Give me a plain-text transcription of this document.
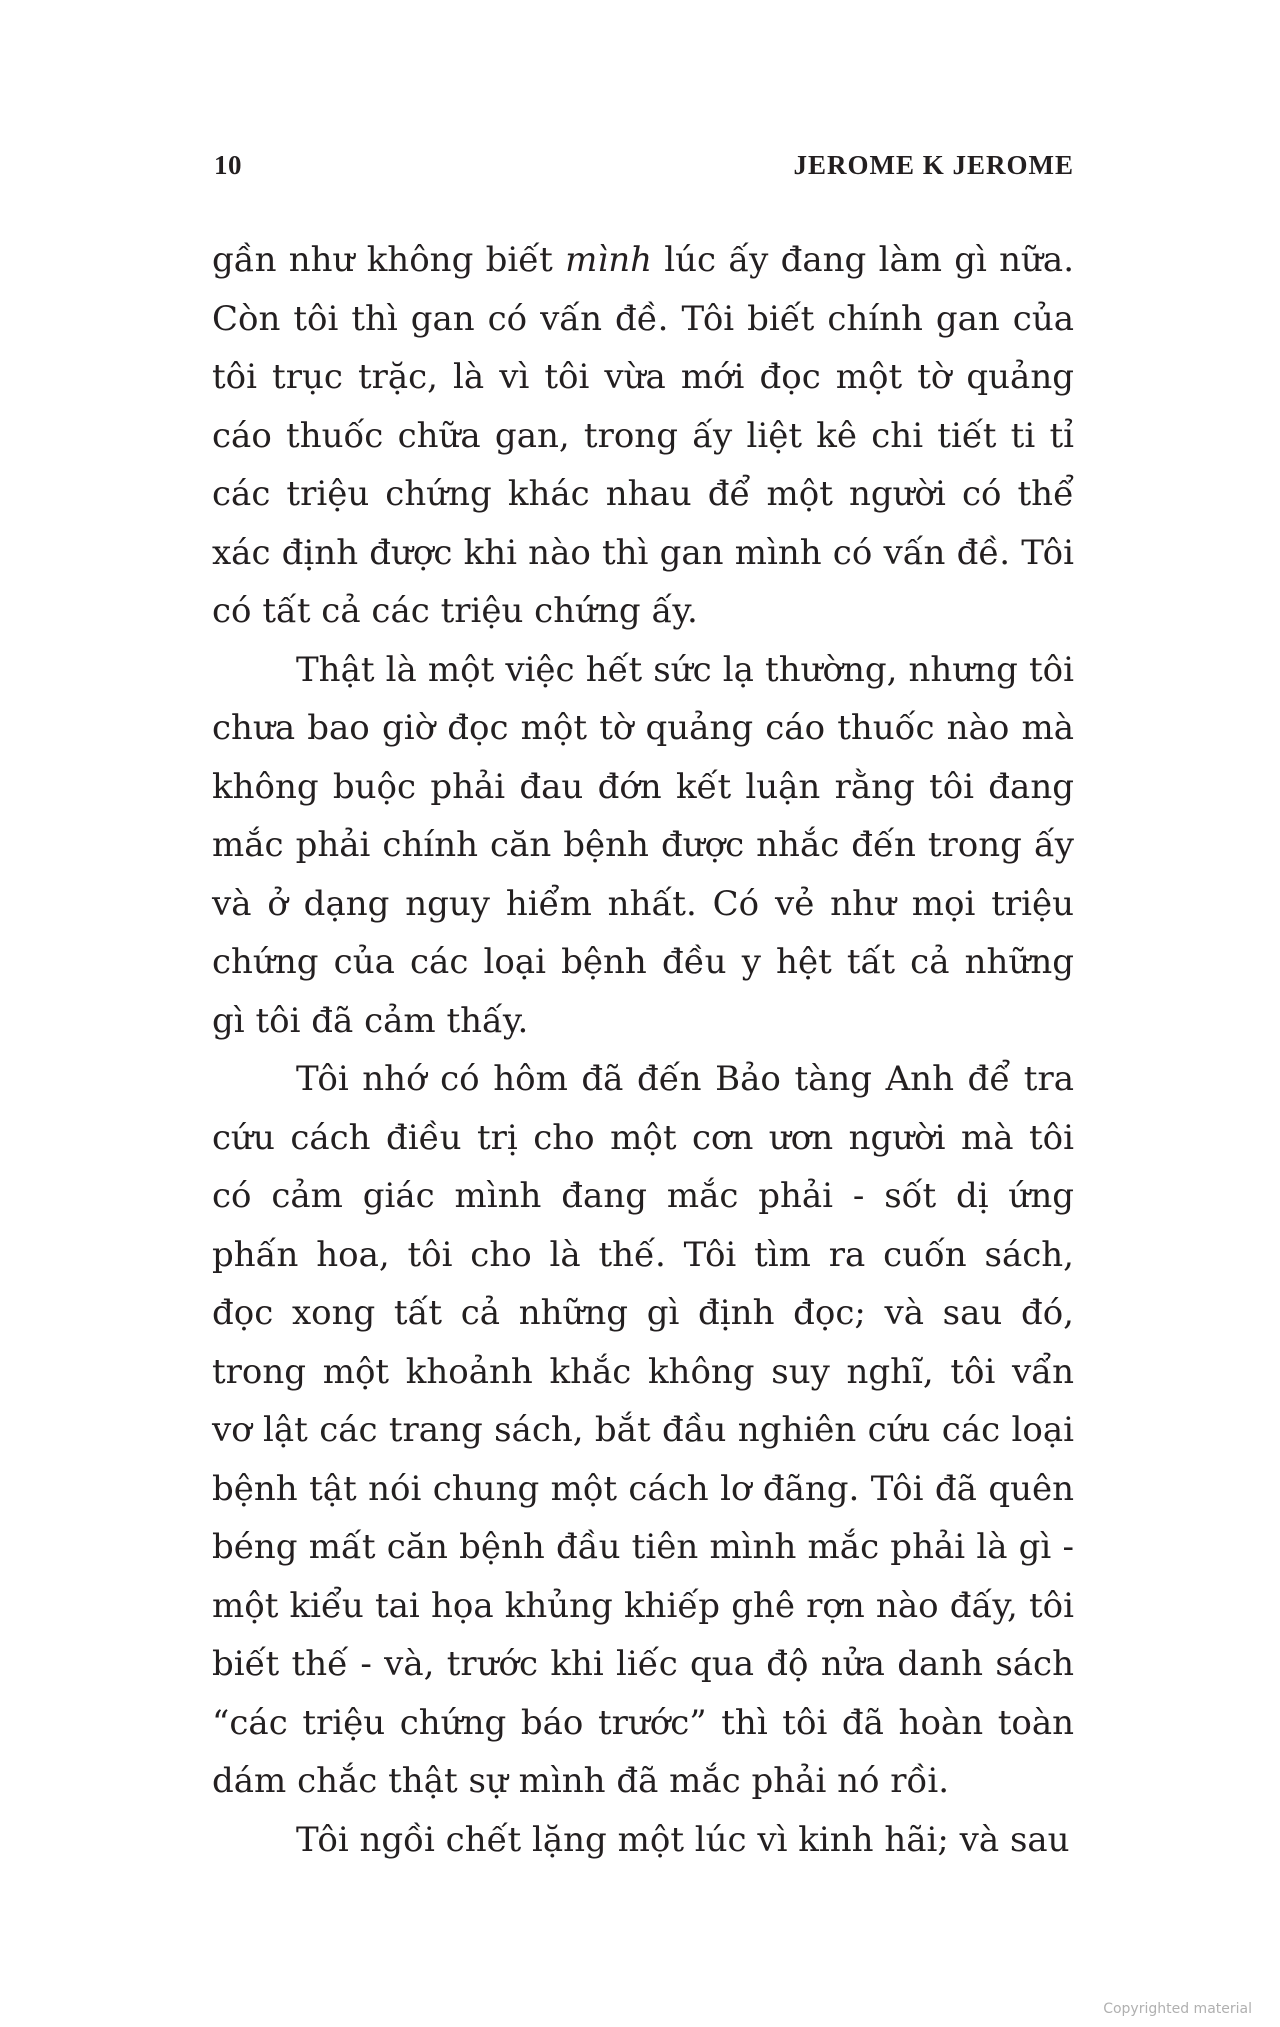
10	JEROME K JEROME

gần như không biết mình lúc ấy đang làm gì nữa. Còn tôi thì gan có vấn đề. Tôi biết chính gan của tôi trục trặc, là vì tôi vừa mới đọc một tờ quảng cáo thuốc chữa gan, trong ấy liệt kê chi tiết ti tỉ các triệu chứng khác nhau để một người có thể xác định được khi nào thì gan mình có vấn đề. Tôi có tất cả các triệu chứng ấy.

Thật là một việc hết sức lạ thường, nhưng tôi chưa bao giờ đọc một tờ quảng cáo thuốc nào mà không buộc phải đau đớn kết luận rằng tôi đang mắc phải chính căn bệnh được nhắc đến trong ấy và ở dạng nguy hiểm nhất. Có vẻ như mọi triệu chứng của các loại bệnh đều y hệt tất cả những gì tôi đã cảm thấy.

Tôi nhớ có hôm đã đến Bảo tàng Anh để tra cứu cách điều trị cho một cơn ươn người mà tôi có cảm giác mình đang mắc phải - sốt dị ứng phấn hoa, tôi cho là thế. Tôi tìm ra cuốn sách, đọc xong tất cả những gì định đọc; và sau đó, trong một khoảnh khắc không suy nghĩ, tôi vẩn vơ lật các trang sách, bắt đầu nghiên cứu các loại bệnh tật nói chung một cách lơ đãng. Tôi đã quên béng mất căn bệnh đầu tiên mình mắc phải là gì - một kiểu tai họa khủng khiếp ghê rợn nào đấy, tôi biết thế - và, trước khi liếc qua độ nửa danh sách “các triệu chứng báo trước” thì tôi đã hoàn toàn dám chắc thật sự mình đã mắc phải nó rồi.

Tôi ngồi chết lặng một lúc vì kinh hãi; và sau

Copyrighted material
